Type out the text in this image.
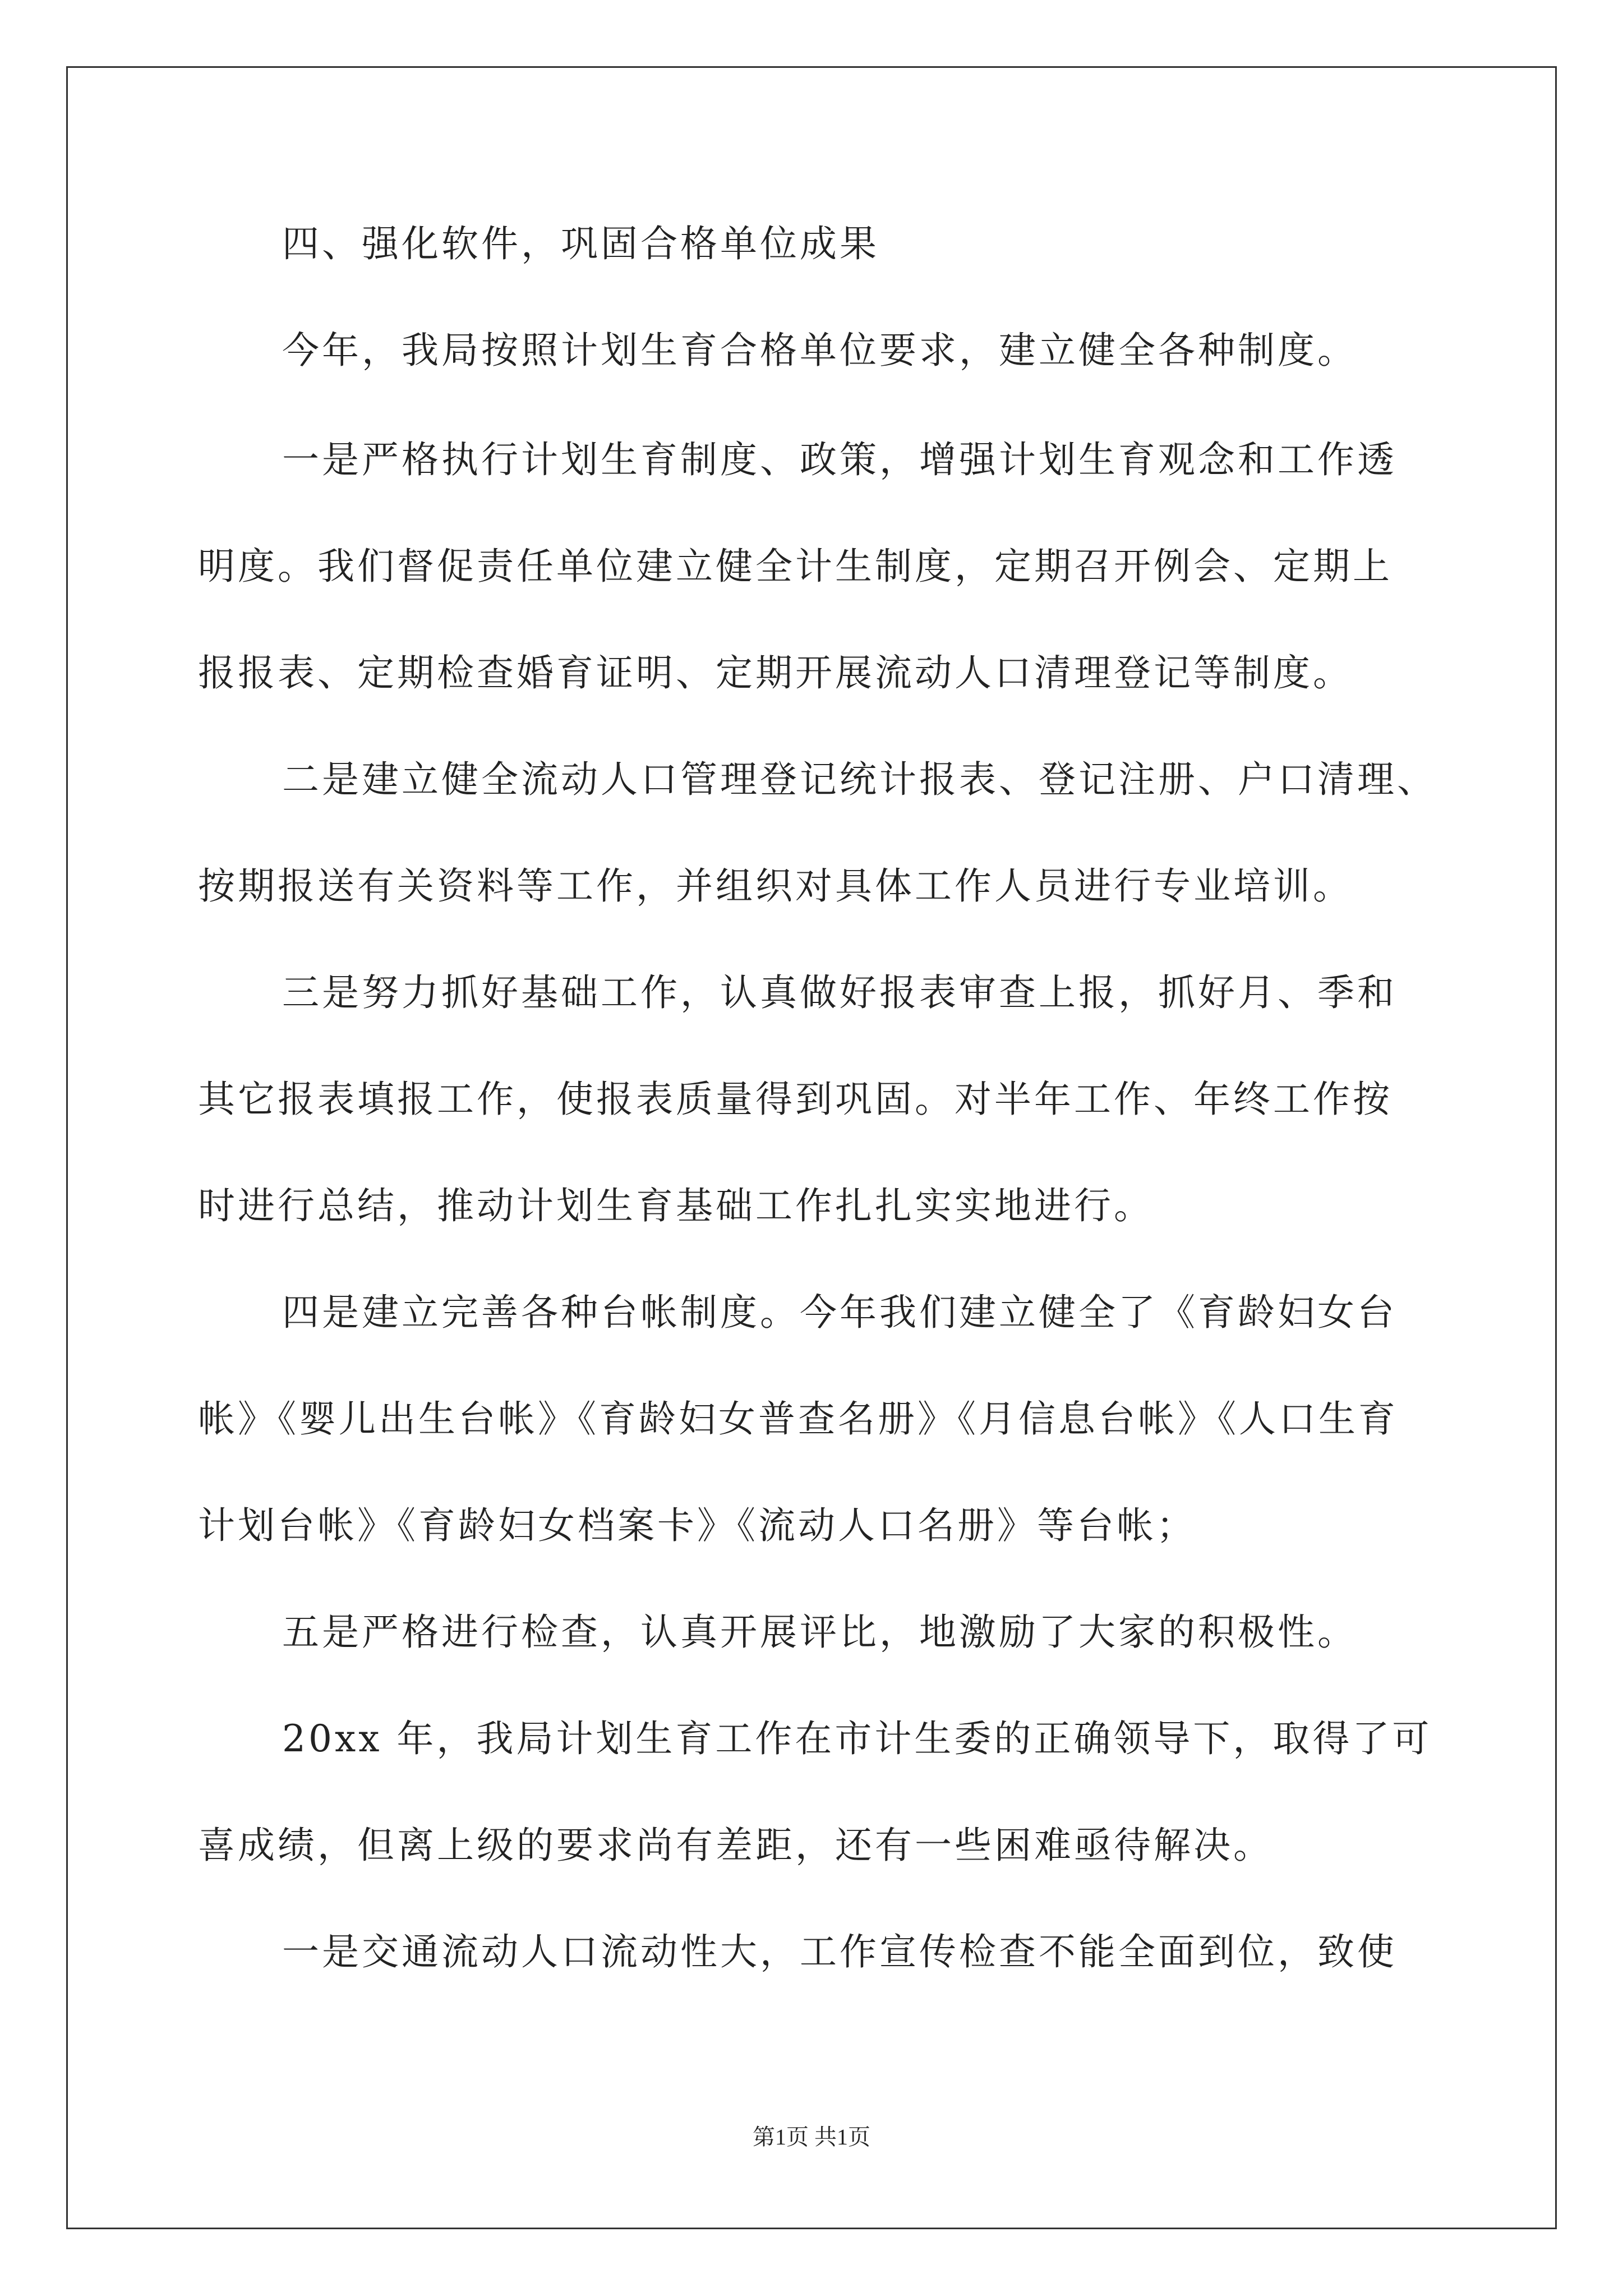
四、强化软件，巩固合格单位成果
今年，我局按照计划生育合格单位要求，建立健全各种制度。
一是严格执行计划生育制度、政策，增强计划生育观念和工作透
明度。我们督促责任单位建立健全计生制度，定期召开例会、定期上
报报表、定期检查婚育证明、定期开展流动人口清理登记等制度。
二是建立健全流动人口管理登记统计报表、登记注册、户口清理、
按期报送有关资料等工作，并组织对具体工作人员进行专业培训。
三是努力抓好基础工作，认真做好报表审查上报，抓好月、季和
其它报表填报工作，使报表质量得到巩固。对半年工作、年终工作按
时进行总结，推动计划生育基础工作扎扎实实地进行。
四是建立完善各种台帐制度。今年我们建立健全了《育龄妇女台
帐》《婴儿出生台帐》《育龄妇女普查名册》《月信息台帐》《人口生育
计划台帐》《育龄妇女档案卡》《流动人口名册》等台帐；
五是严格进行检查，认真开展评比，地激励了大家的积极性。
20xx 年，我局计划生育工作在市计生委的正确领导下，取得了可
喜成绩，但离上级的要求尚有差距，还有一些困难亟待解决。
一是交通流动人口流动性大，工作宣传检查不能全面到位，致使
第1页 共1页
